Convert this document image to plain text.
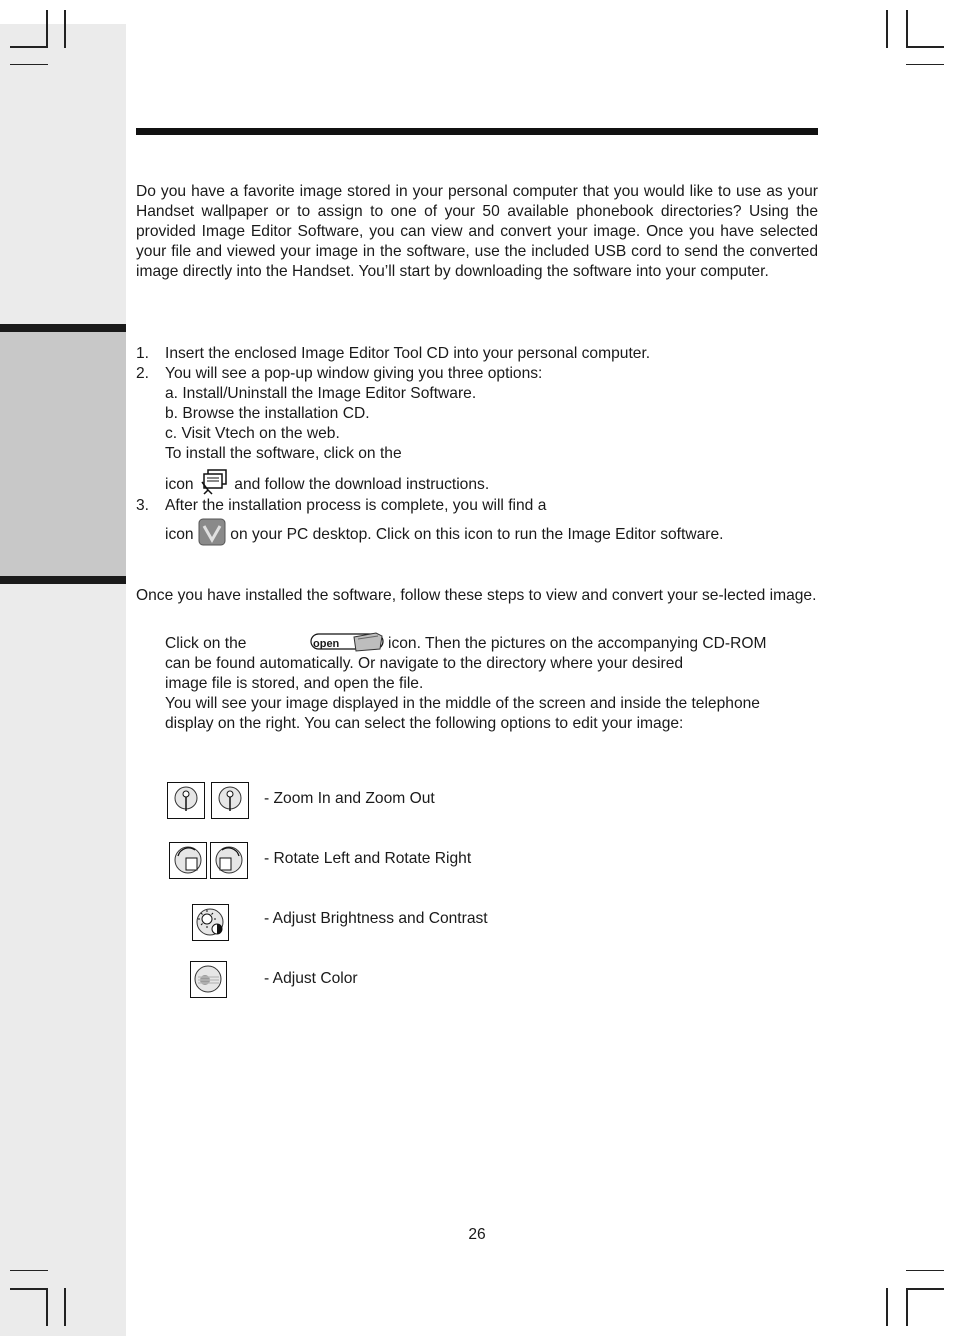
Do you have a favorite image stored in your personal computer that you would like to use as your Handset wallpaper or to assign to one of your 50 available phonebook directories? Using the provided Image Editor Software, you can view and convert your image. Once you have selected your file and viewed your image in the software, use the included USB cord to send the converted image directly into the Handset. You’ll start by downloading the software into your computer.

1. Insert the enclosed Image Editor Tool CD into your personal computer.
2. You will see a pop-up window giving you three options:
a. Install/Uninstall the Image Editor Software.
b. Browse the installation CD.
c. Visit Vtech on the web.
To install the software, click on the
icon	and follow the download instructions.
3. After the installation process is complete, you will find a
icon on your PC desktop. Click on this icon to run the Image Editor software.

Once you have installed the software, follow these steps to view and convert your se-lected image.

Click on the	open	icon. Then the pictures on the accompanying CD-ROM
can be found automatically. Or navigate to the directory where your desired
image file is stored, and open the file.
You will see your image displayed in the middle of the screen and inside the telephone
display on the right. You can select the following options to edit your image:
- Zoom In and Zoom Out
- Rotate Left and Rotate Right
- Adjust Brightness and Contrast
- Adjust Color
26
